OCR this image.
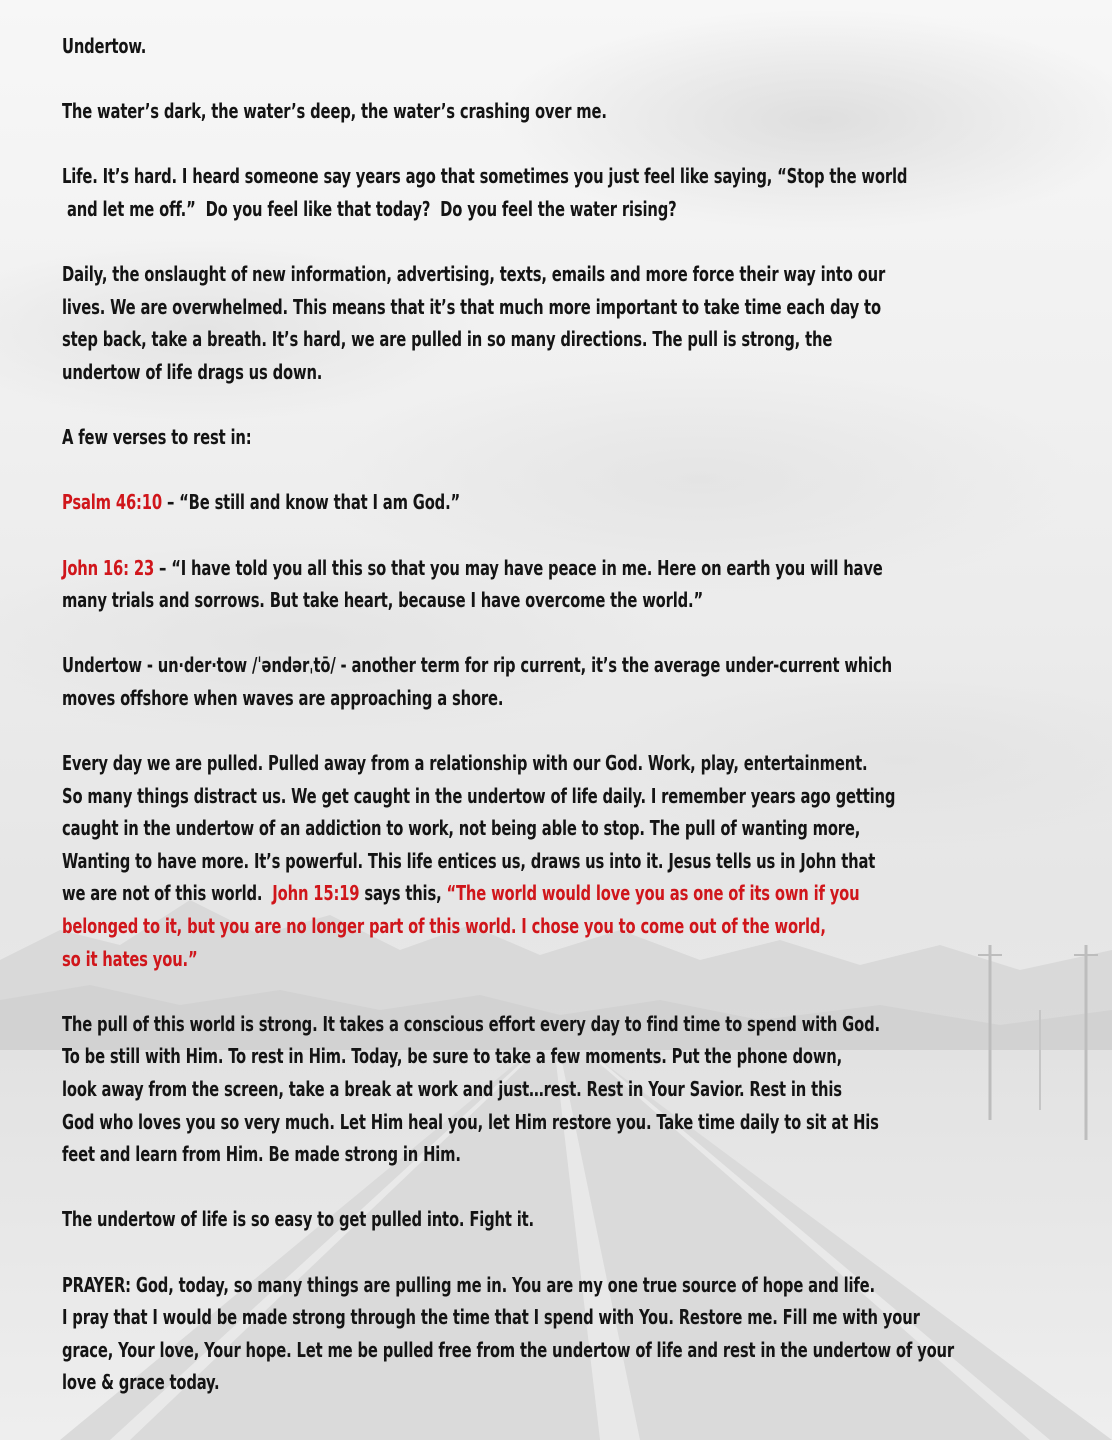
Undertow.

The water’s dark, the water’s deep, the water’s crashing over me.

Life. It’s hard. I heard someone say years ago that sometimes you just feel like saying, “Stop the world
and let me off.”  Do you feel like that today?  Do you feel the water rising?

Daily, the onslaught of new information, advertising, texts, emails and more force their way into our
lives. We are overwhelmed. This means that it’s that much more important to take time each day to
step back, take a breath. It’s hard, we are pulled in so many directions. The pull is strong, the
undertow of life drags us down.

A few verses to rest in:

Psalm 46:10 – “Be still and know that I am God.”

John 16: 23 – “I have told you all this so that you may have peace in me. Here on earth you will have
many trials and sorrows. But take heart, because I have overcome the world.”

Undertow - un·der·tow /ˈəndərˌtō/ - another term for rip current, it’s the average under-current which
moves offshore when waves are approaching a shore.

Every day we are pulled. Pulled away from a relationship with our God. Work, play, entertainment.
So many things distract us. We get caught in the undertow of life daily. I remember years ago getting
caught in the undertow of an addiction to work, not being able to stop. The pull of wanting more,
Wanting to have more. It’s powerful. This life entices us, draws us into it. Jesus tells us in John that
we are not of this world.  John 15:19 says this, “The world would love you as one of its own if you
belonged to it, but you are no longer part of this world. I chose you to come out of the world,
so it hates you.”

The pull of this world is strong. It takes a conscious effort every day to find time to spend with God.
To be still with Him. To rest in Him. Today, be sure to take a few moments. Put the phone down,
look away from the screen, take a break at work and just…rest. Rest in Your Savior. Rest in this
God who loves you so very much. Let Him heal you, let Him restore you. Take time daily to sit at His
feet and learn from Him. Be made strong in Him.

The undertow of life is so easy to get pulled into. Fight it.

PRAYER: God, today, so many things are pulling me in. You are my one true source of hope and life.
I pray that I would be made strong through the time that I spend with You. Restore me. Fill me with your
grace, Your love, Your hope. Let me be pulled free from the undertow of life and rest in the undertow of your
love & grace today.
